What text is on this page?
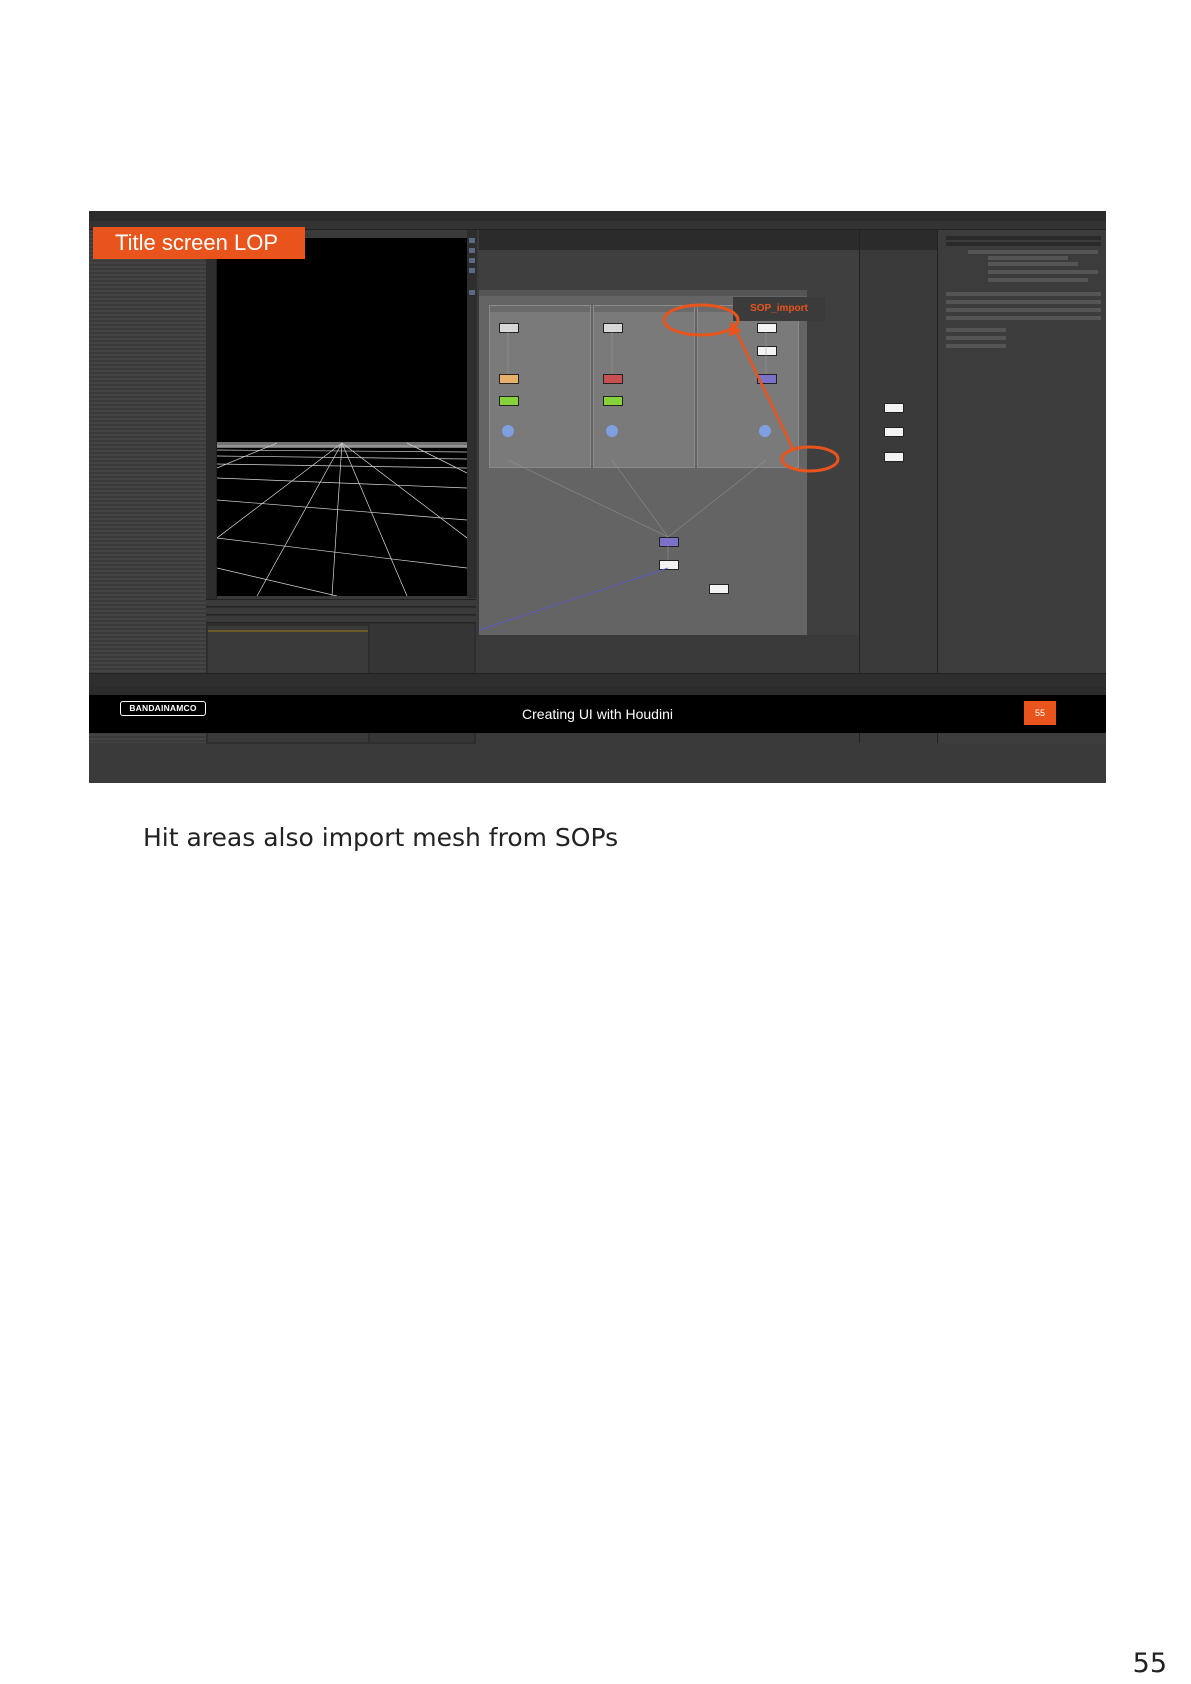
Title screen LOP
SOP_import
Creating UI with Houdini
BANDAINAMCO	55
Hit areas also import mesh from SOPs
55
